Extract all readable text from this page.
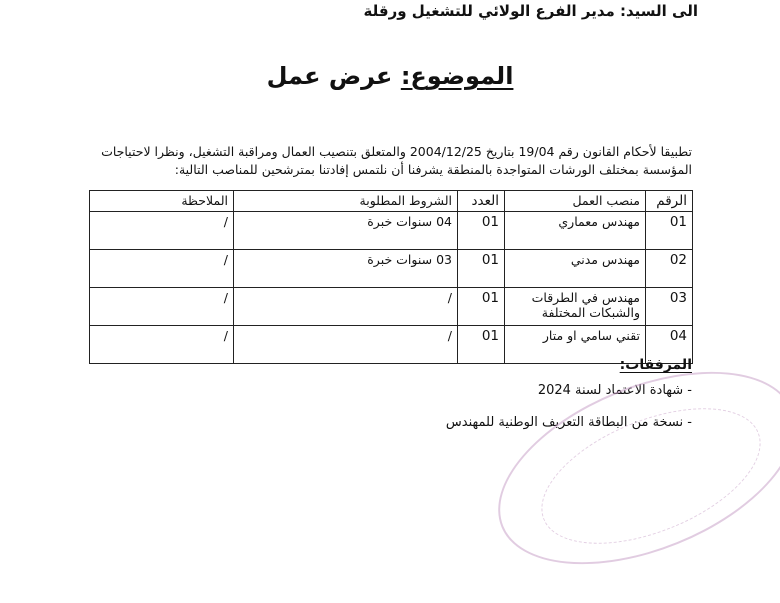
الى السيد: مدير الفرع الولائي للتشغيل ورقلة
الموضوع: عرض عمل

تطبيقا لأحكام القانون رقم 19/04 بتاريخ 2004/12/25 والمتعلق بتنصيب العمال ومراقبة التشغيل، ونظرا لاحتياجات

المؤسسة بمختلف الورشات المتواجدة بالمنطقة يشرفنا أن نلتمس إفادتنا بمترشحين للمناصب التالية:

الرقم	منصب العمل	العدد	الشروط المطلوبة	الملاحظة
01	مهندس معماري	01	04 سنوات خبرة	/
02	مهندس مدني	01	03 سنوات خبرة	/
03	مهندس في الطرقات والشبكات المختلفة	01	/	/
04	تقني سامي او متار	01	/	/
المرفقات:
- شهادة الاعتماد لسنة 2024
- نسخة من البطاقة التعريف الوطنية للمهندس
